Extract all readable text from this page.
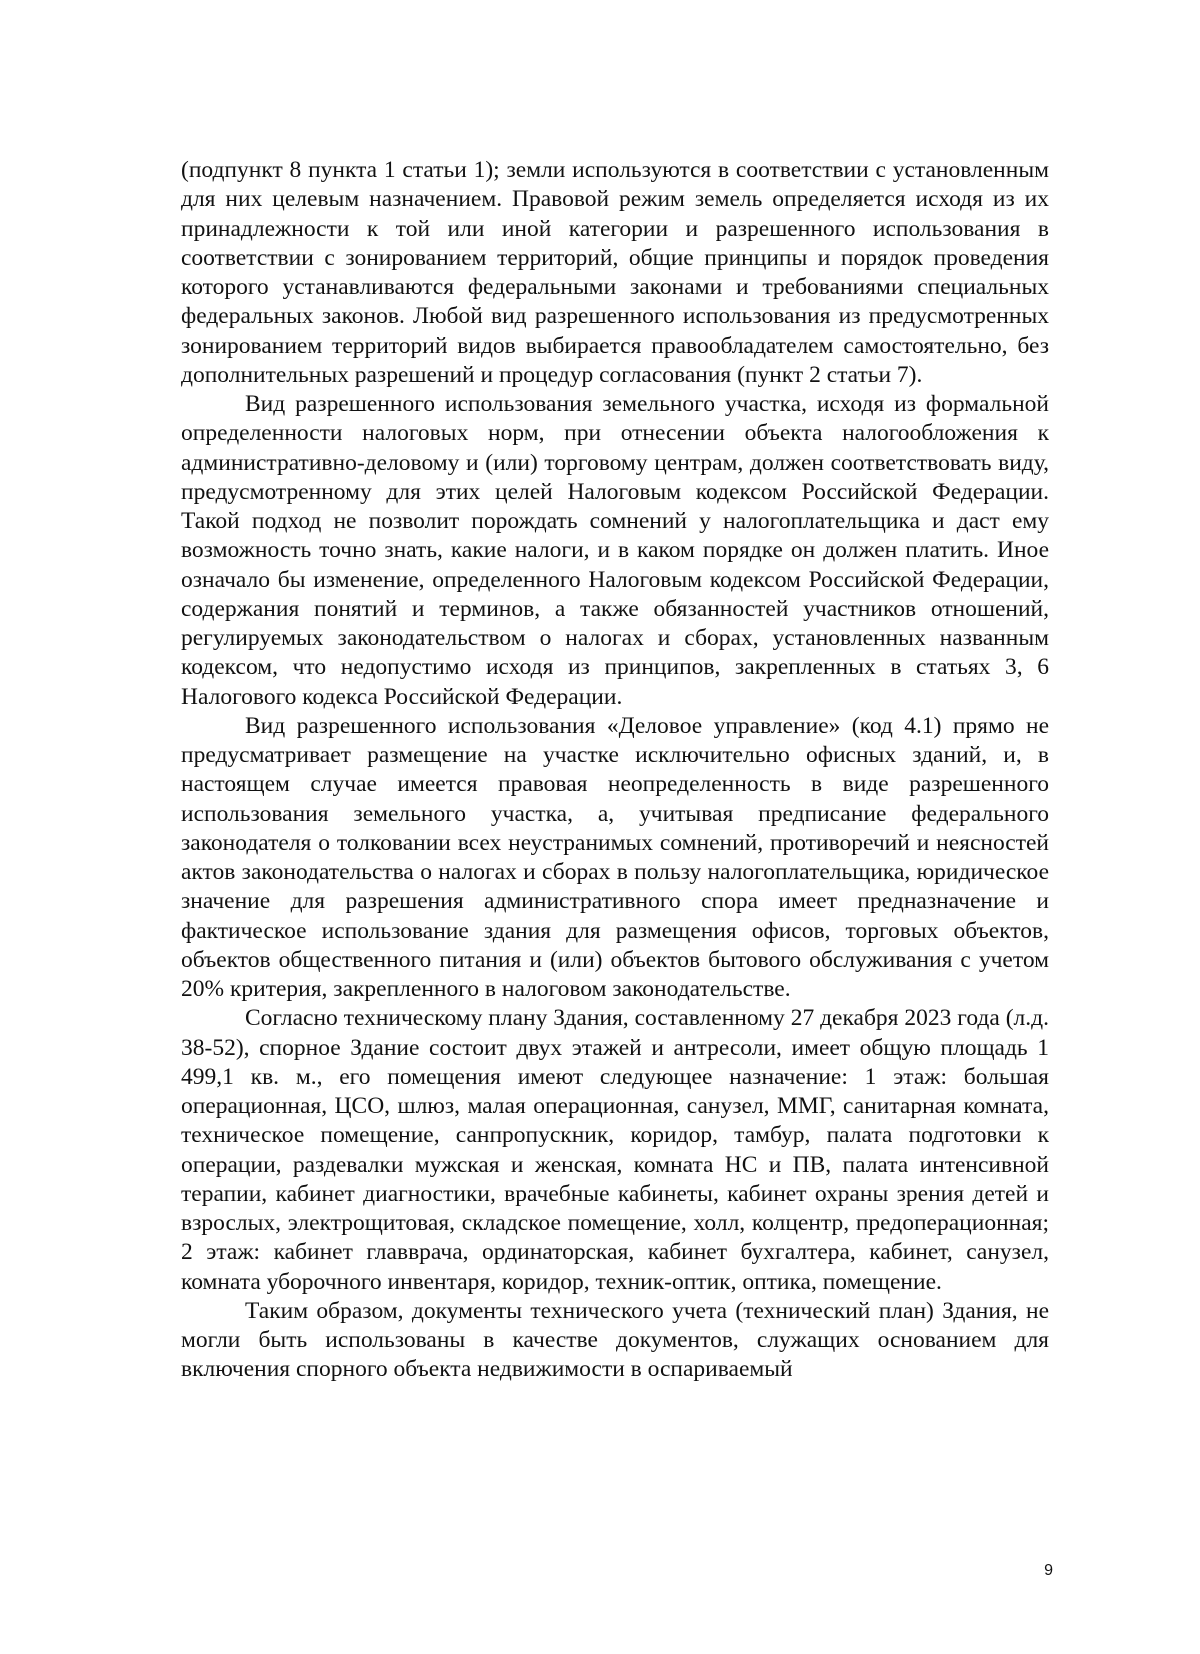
(подпункт 8 пункта 1 статьи 1); земли используются в соответствии с установленным для них целевым назначением. Правовой режим земель определяется исходя из их принадлежности к той или иной категории и разрешенного использования в соответствии с зонированием территорий, общие принципы и порядок проведения которого устанавливаются федеральными законами и требованиями специальных федеральных законов. Любой вид разрешенного использования из предусмотренных зонированием территорий видов выбирается правообладателем самостоятельно, без дополнительных разрешений и процедур согласования (пункт 2 статьи 7).

Вид разрешенного использования земельного участка, исходя из формальной определенности налоговых норм, при отнесении объекта налогообложения к административно-деловому и (или) торговому центрам, должен соответствовать виду, предусмотренному для этих целей Налоговым кодексом Российской Федерации. Такой подход не позволит порождать сомнений у налогоплательщика и даст ему возможность точно знать, какие налоги, и в каком порядке он должен платить. Иное означало бы изменение, определенного Налоговым кодексом Российской Федерации, содержания понятий и терминов, а также обязанностей участников отношений, регулируемых законодательством о налогах и сборах, установленных названным кодексом, что недопустимо исходя из принципов, закрепленных в статьях 3, 6 Налогового кодекса Российской Федерации.

Вид разрешенного использования «Деловое управление» (код 4.1) прямо не предусматривает размещение на участке исключительно офисных зданий, и, в настоящем случае имеется правовая неопределенность в виде разрешенного использования земельного участка, а, учитывая предписание федерального законодателя о толковании всех неустранимых сомнений, противоречий и неясностей актов законодательства о налогах и сборах в пользу налогоплательщика, юридическое значение для разрешения административного спора имеет предназначение и фактическое использование здания для размещения офисов, торговых объектов, объектов общественного питания и (или) объектов бытового обслуживания с учетом 20% критерия, закрепленного в налоговом законодательстве.

Согласно техническому плану Здания, составленному 27 декабря 2023 года (л.д. 38-52), спорное Здание состоит двух этажей и антресоли, имеет общую площадь 1 499,1 кв. м., его помещения имеют следующее назначение: 1 этаж: большая операционная, ЦСО, шлюз, малая операционная, санузел, ММГ, санитарная комната, техническое помещение, санпропускник, коридор, тамбур, палата подготовки к операции, раздевалки мужская и женская, комната НС и ПВ, палата интенсивной терапии, кабинет диагностики, врачебные кабинеты, кабинет охраны зрения детей и взрослых, электрощитовая, складское помещение, холл, колцентр, предоперационная; 2 этаж: кабинет главврача, ординаторская, кабинет бухгалтера, кабинет, санузел, комната уборочного инвентаря, коридор, техник-оптик, оптика, помещение.

Таким образом, документы технического учета (технический план) Здания, не могли быть использованы в качестве документов, служащих основанием для включения спорного объекта недвижимости в оспариваемый

9
